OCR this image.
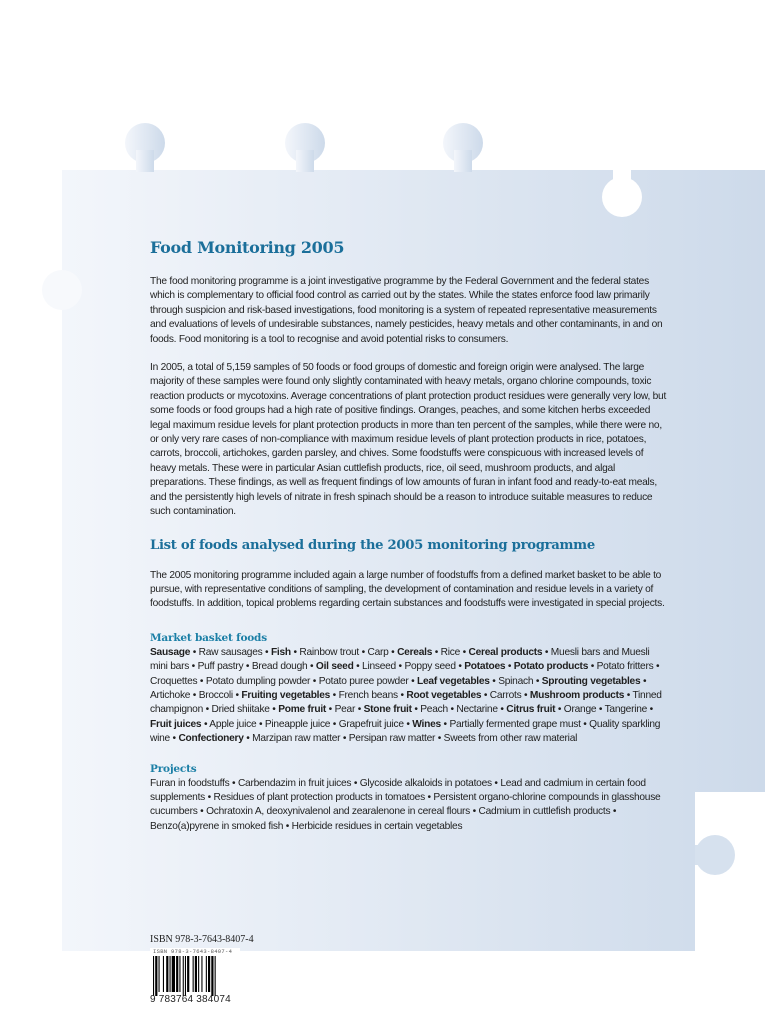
Food Monitoring 2005

The food monitoring programme is a joint investigative programme by the Federal Government and the federal states which is complementary to official food control as carried out by the states. While the states enforce food law primarily through suspicion and risk-based investigations, food monitoring is a system of repeated representative measurements and evaluations of levels of undesirable substances, namely pesticides, heavy metals and other contaminants, in and on foods. Food monitoring is a tool to recognise and avoid potential risks to consumers.

In 2005, a total of 5,159 samples of 50 foods or food groups of domestic and foreign origin were analysed. The large majority of these samples were found only slightly contaminated with heavy metals, organo chlorine compounds, toxic reaction products or mycotoxins. Average concentrations of plant protection product residues were generally very low, but some foods or food groups had a high rate of positive findings. Oranges, peaches, and some kitchen herbs exceeded legal maximum residue levels for plant protection products in more than ten percent of the samples, while there were no, or only very rare cases of non-compliance with maximum residue levels of plant protection products in rice, potatoes, carrots, broccoli, artichokes, garden parsley, and chives. Some foodstuffs were conspicuous with increased levels of heavy metals. These were in particular Asian cuttlefish products, rice, oil seed, mushroom products, and algal preparations. These findings, as well as frequent findings of low amounts of furan in infant food and ready-to-eat meals, and the persistently high levels of nitrate in fresh spinach should be a reason to introduce suitable measures to reduce such contamination.

List of foods analysed during the 2005 monitoring programme

The 2005 monitoring programme included again a large number of foodstuffs from a defined market basket to be able to pursue, with representative conditions of sampling, the development of contamination and residue levels in a variety of foodstuffs. In addition, topical problems regarding certain substances and foodstuffs were investigated in special projects.

Market basket foods
Sausage • Raw sausages • Fish • Rainbow trout • Carp • Cereals • Rice • Cereal products • Muesli bars and Muesli mini bars • Puff pastry • Bread dough • Oil seed • Linseed • Poppy seed • Potatoes • Potato products • Potato fritters • Croquettes • Potato dumpling powder • Potato puree powder • Leaf vegetables • Spinach • Sprouting vegetables • Artichoke • Broccoli • Fruiting vegetables • French beans • Root vegetables • Carrots • Mushroom products • Tinned champignon • Dried shiitake • Pome fruit • Pear • Stone fruit • Peach • Nectarine • Citrus fruit • Orange • Tangerine • Fruit juices • Apple juice • Pineapple juice • Grapefruit juice • Wines • Partially fermented grape must • Quality sparkling wine • Confectionery • Marzipan raw matter • Persipan raw matter • Sweets from other raw material
Projects
Furan in foodstuffs • Carbendazim in fruit juices • Glycoside alkaloids in potatoes • Lead and cadmium in certain food supplements • Residues of plant protection products in tomatoes • Persistent organo-chlorine compounds in glasshouse cucumbers • Ochratoxin A, deoxynivalenol and zearalenone in cereal flours • Cadmium in cuttlefish products • Benzo(a)pyrene in smoked fish • Herbicide residues in certain vegetables
ISBN 978-3-7643-8407-4
ISBN 978-3-7643-8407-4
9 783764 384074
